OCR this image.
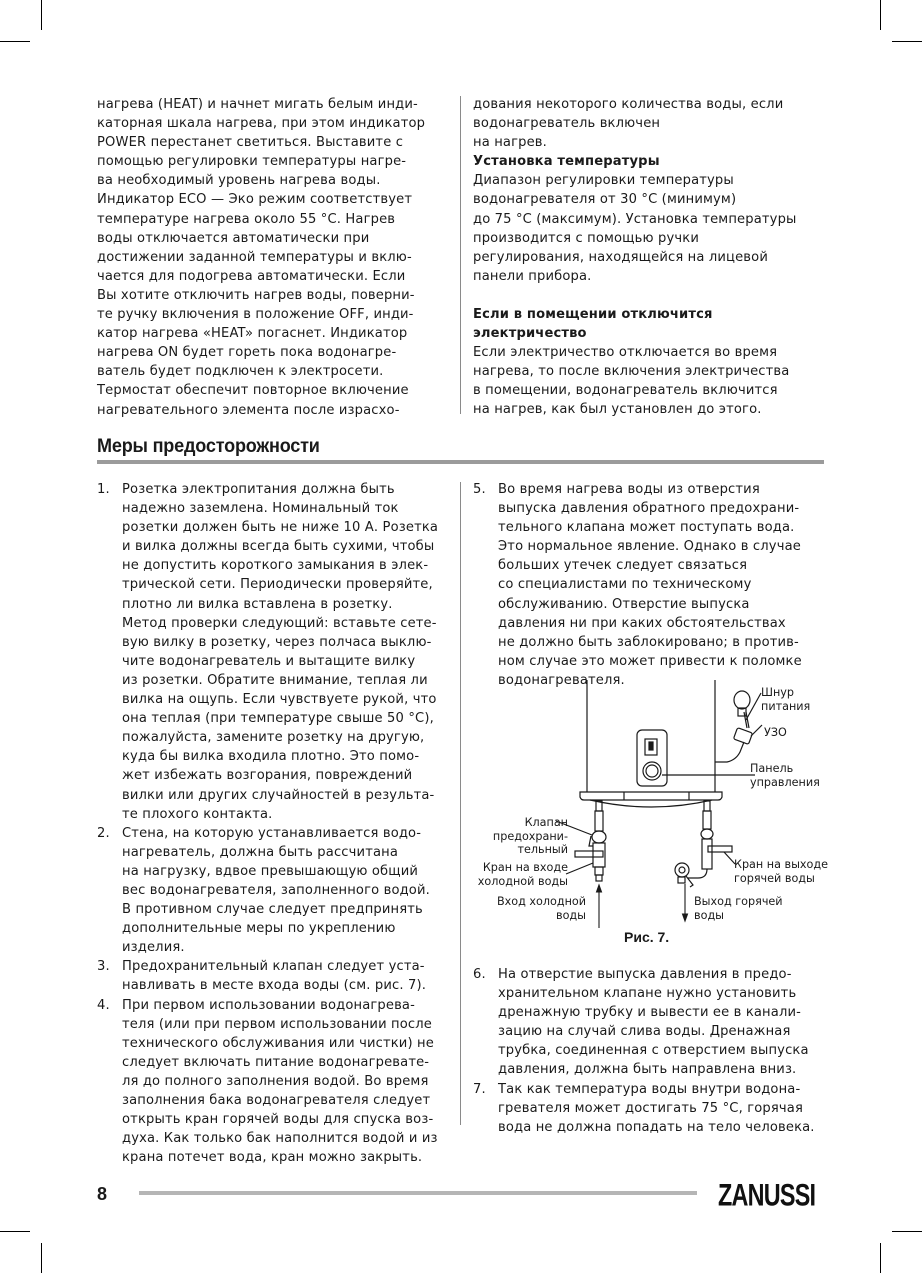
нагрева (HEAT) и начнет мигать белым инди-
каторная шкала нагрева, при этом индикатор
POWER перестанет светиться. Выставите с
помощью регулировки температуры нагре-
ва необходимый уровень нагрева воды.
Индикатор ECO — Эко режим соответствует
температуре нагрева около 55 °C. Нагрев
воды отключается автоматически при
достижении заданной температуры и вклю-
чается для подогрева автоматически. Если
Вы хотите отключить нагрев воды, поверни-
те ручку включения в положение OFF, инди-
катор нагрева «HEAT» погаснет. Индикатор
нагрева ON будет гореть пока водонагре-
ватель будет подключен к электросети.
Термостат обеспечит повторное включение
нагревательного элемента после израсхо-
дования некоторого количества воды, если
водонагреватель включен
на нагрев.

Установка температуры

Диапазон регулировки температуры
водонагревателя от 30 °C (минимум)
до 75 °C (максимум). Установка температуры
производится с помощью ручки
регулирования, находящейся на лицевой
панели прибора.
Если в помещении отключится
электричество
Если электричество отключается во время
нагрева, то после включения электричества
в помещении, водонагреватель включится
на нагрев, как был установлен до этого.
Меры предосторожности
1. Розетка электропитания должна быть
надежно заземлена. Номинальный ток
розетки должен быть не ниже 10 А. Розетка
и вилка должны всегда быть сухими, чтобы
не допустить короткого замыкания в элек-
трической сети. Периодически проверяйте,
плотно ли вилка вставлена в розетку.
Метод проверки следующий: вставьте сете-
вую вилку в розетку, через полчаса выклю-
чите водонагреватель и вытащите вилку
из розетки. Обратите внимание, теплая ли
вилка на ощупь. Если чувствуете рукой, что
она теплая (при температуре свыше 50 °C),
пожалуйста, замените розетку на другую,
куда бы вилка входила плотно. Это помо-
жет избежать возгорания, повреждений
вилки или других случайностей в результа-
те плохого контакта.
2. Стена, на которую устанавливается водо-
нагреватель, должна быть рассчитана
на нагрузку, вдвое превышающую общий
вес водонагревателя, заполненного водой.
В противном случае следует предпринять
дополнительные меры по укреплению
изделия.
3. Предохранительный клапан следует уста-
навливать в месте входа воды (см. рис. 7).
4. При первом использовании водонагрева-
теля (или при первом использовании после
технического обслуживания или чистки) не
следует включать питание водонагревате-
ля до полного заполнения водой. Во время
заполнения бака водонагревателя следует
открыть кран горячей воды для спуска воз-
духа. Как только бак наполнится водой и из
крана потечет вода, кран можно закрыть.
5. Во время нагрева воды из отверстия
выпуска давления обратного предохрани-
тельного клапана может поступать вода.
Это нормальное явление. Однако в случае
больших утечек следует связаться
со специалистами по техническому
обслуживанию. Отверстие выпуска
давления ни при каких обстоятельствах
не должно быть заблокировано; в против-
ном случае это может привести к поломке
водонагревателя.
Шнур
питания
УЗО
Панель
управления
Клапан
предохрани-
тельный
Кран на входе
холодной воды
Вход холодной
воды
Кран на выходе
горячей воды
Выход горячей
воды
Рис. 7.
6. На отверстие выпуска давления в предо-
хранительном клапане нужно установить
дренажную трубку и вывести ее в канали-
зацию на случай слива воды. Дренажная
трубка, соединенная с отверстием выпуска
давления, должна быть направлена вниз.
7. Так как температура воды внутри водона-
гревателя может достигать 75 °C, горячая
вода не должна попадать на тело человека.
8	ZANUSSI
